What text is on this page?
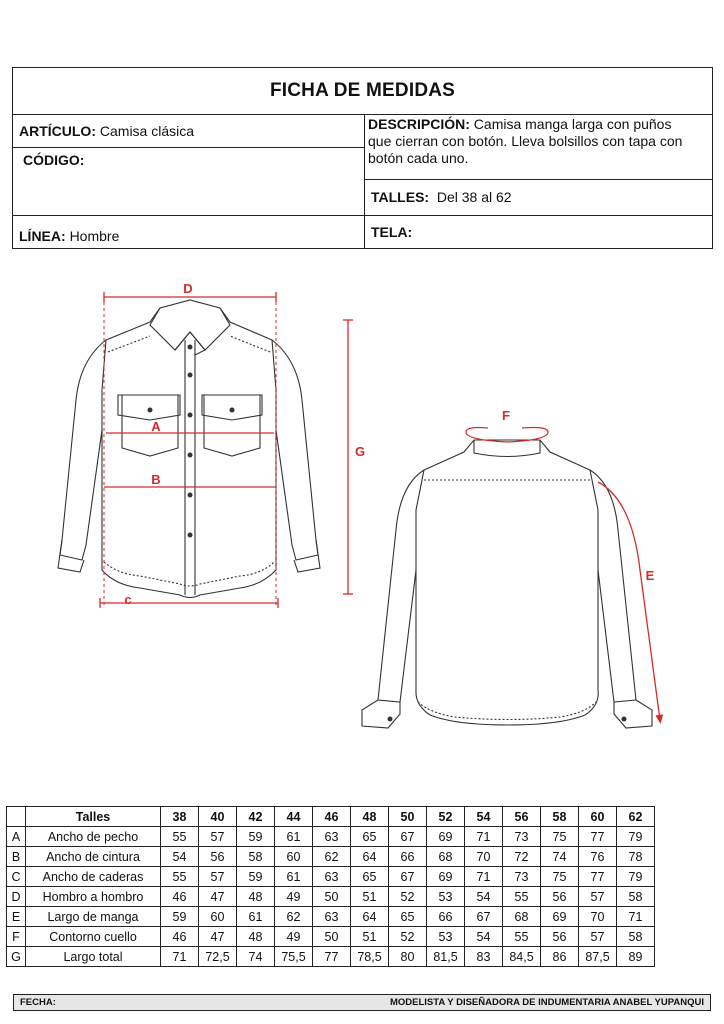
FICHA DE MEDIDAS
ARTÍCULO: Camisa clásica
CÓDIGO:
LÍNEA: Hombre
DESCRIPCIÓN: Camisa manga larga con puños
que cierran con botón. Lleva bolsillos con tapa con
botón cada uno.
TALLES: Del 38 al 62
TELA:
D
A
B
c
G
F
E
	Talles	38	40	42	44	46	48	50	52	54	56	58	60	62
A	Ancho de pecho	55	57	59	61	63	65	67	69	71	73	75	77	79
B	Ancho de cintura	54	56	58	60	62	64	66	68	70	72	74	76	78
C	Ancho de caderas	55	57	59	61	63	65	67	69	71	73	75	77	79
D	Hombro a hombro	46	47	48	49	50	51	52	53	54	55	56	57	58
E	Largo de manga	59	60	61	62	63	64	65	66	67	68	69	70	71
F	Contorno cuello	46	47	48	49	50	51	52	53	54	55	56	57	58
G	Largo total	71	72,5	74	75,5	77	78,5	80	81,5	83	84,5	86	87,5	89
FECHA:	MODELISTA Y DISEÑADORA DE INDUMENTARIA ANABEL YUPANQUI
